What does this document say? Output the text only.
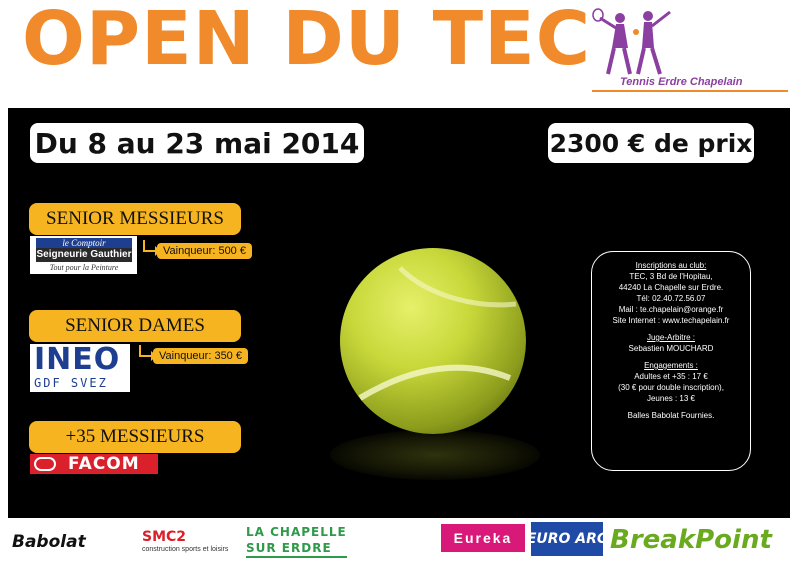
OPEN DU TEC	Tennis Erdre Chapelain
Du 8 au 23 mai 2014	2300 € de prix
SENIOR MESSIEURS
le Comptoir
Seigneurie Gauthier
Tout pour la Peinture
Vainqueur: 500 €
SENIOR DAMES
INEO
GDF SVEZ
Vainqueur: 350 €
+35 MESSIEURS
FACOM
Inscriptions au club:
TEC, 3 Bd de l'Hopitau,
44240 La Chapelle sur Erdre.
Tél: 02.40.72.56.07
Mail : te.chapelain@orange.fr
Site Internet : www.techapelain.fr
Juge-Arbitre :
Sebastien MOUCHARD
Engagements :
Adultes et +35 : 17 €
(30 € pour double inscription),
Jeunes : 13 €
Balles Babolat Fournies.
Babolat	SMC2
construction sports et loisirs
LA CHAPELLE
SUR ERDRE
Eureka	EURO ARC BreakPoint
